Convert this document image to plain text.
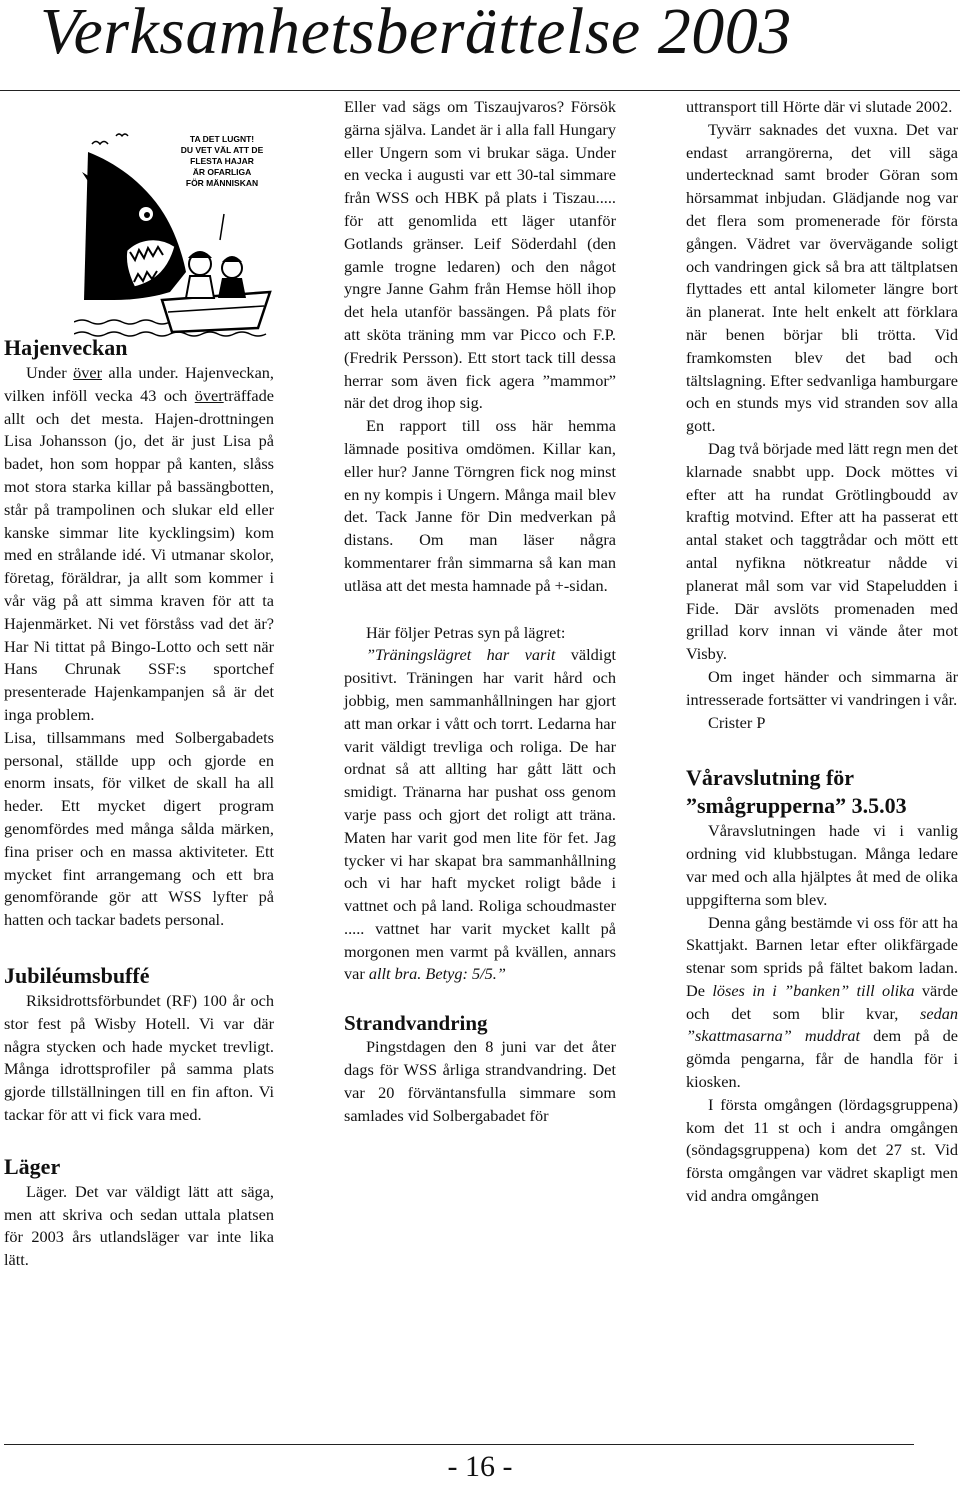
Verksamhetsberättelse 2003
TA DET LUGNT!
DU VET VÄL ATT DE
FLESTA HAJAR
ÄR OFARLIGA
FÖR MÄNNISKAN
Hajenveckan

Under över alla under. Hajenveckan, vilken inföll vecka 43 och överträffade allt och det mesta. Hajen-drottningen Lisa Johansson (jo, det är just Lisa på badet, hon som hoppar på kanten, slåss mot stora starka killar på bassängbotten, står på trampolinen och slukar eld eller kanske simmar lite kycklingsim) kom med en strålande idé. Vi utmanar skolor, företag, föräldrar, ja allt som kommer i vår väg på att simma kraven för att ta Hajenmärket. Ni vet förståss vad det är? Har Ni tittat på Bingo-Lotto och sett när Hans Chrunak SSF:s sportchef presenterade Hajenkampanjen så är det inga problem.

Lisa, tillsammans med Solbergabadets personal, ställde upp och gjorde en enorm insats, för vilket de skall ha all heder. Ett mycket digert program genomfördes med många sålda märken, fina priser och en massa aktiviteter. Ett mycket fint arrangemang och ett bra genomförande gör att WSS lyfter på hatten och tackar badets personal.

Jubiléumsbuffé

Riksidrottsförbundet (RF) 100 år och stor fest på Wisby Hotell. Vi var där några stycken och hade mycket trevligt. Många idrottsprofiler på samma plats gjorde tillställningen till en fin afton. Vi tackar för att vi fick vara med.

Läger

Läger. Det var väldigt lätt att säga, men att skriva och sedan uttala platsen för 2003 års utlandsläger var inte lika lätt.

Eller vad sägs om Tiszaujvaros? Försök gärna själva. Landet är i alla fall Hungary eller Ungern som vi brukar säga. Under en vecka i augusti var ett 30-tal simmare från WSS och HBK på plats i Tiszau..... för att genomlida ett läger utanför Gotlands gränser. Leif Söderdahl (den gamle trogne ledaren) och den något yngre Janne Gahm från Hemse höll ihop det hela utanför bassängen. På plats för att sköta träning mm var Picco och F.P. (Fredrik Persson). Ett stort tack till dessa herrar som även fick agera ”mammor” när det drog ihop sig.

En rapport till oss här hemma lämnade positiva omdömen. Killar kan, eller hur? Janne Törngren fick nog minst en ny kompis i Ungern. Många mail blev det. Tack Janne för Din medverkan på distans. Om man läser några kommentarer från simmarna så kan man utläsa att det mesta hamnade på +-sidan.

Här följer Petras syn på lägret:

”Träningslägret har varit väldigt positivt. Träningen har varit hård och jobbig, men sammanhållningen har gjort att man orkar i vått och torrt. Ledarna har varit väldigt trevliga och roliga. De har ordnat så att allting har gått lätt och smidigt. Tränarna har pushat oss genom varje pass och gjort det roligt att träna. Maten har varit god men lite för fet. Jag tycker vi har skapat bra sammanhållning och vi har haft mycket roligt både i vattnet och på land. Roliga schoudmaster ..... vattnet har varit mycket kallt på morgonen men varmt på kvällen, annars var allt bra. Betyg: 5/5.”

Strandvandring

Pingstdagen den 8 juni var det åter dags för WSS årliga strandvandring. Det var 20 förväntansfulla simmare som samlades vid Solbergabadet för

uttransport till Hörte där vi slutade 2002.

Tyvärr saknades det vuxna. Det var endast arrangörerna, det vill säga undertecknad samt broder Göran som hörsammat inbjudan. Glädjande nog var det flera som promenerade för första gången. Vädret var övervägande soligt och vandringen gick så bra att tältplatsen flyttades ett antal kilometer längre bort än planerat. Inte helt enkelt att förklara när benen börjar bli trötta. Vid framkomsten blev det bad och tältslagning. Efter sedvanliga hamburgare och en stunds mys vid stranden sov alla gott.

Dag två började med lätt regn men det klarnade snabbt upp. Dock möttes vi efter att ha rundat Grötlingboudd av kraftig motvind. Efter att ha passerat ett antal staket och taggtrådar och mött ett antal nyfikna nötkreatur nådde vi planerat mål som var vid Stapeludden i Fide. Där avslöts promenaden med grillad korv innan vi vände åter mot Visby.

Om inget händer och simmarna är intresserade fortsätter vi vandringen i vår.

Crister P

Våravslutning för
”smågrupperna” 3.5.03

Våravslutningen hade vi i vanlig ordning vid klubbstugan. Många ledare var med och alla hjälptes åt med de olika uppgifterna som blev.

Denna gång bestämde vi oss för att ha Skattjakt. Barnen letar efter olikfärgade stenar som sprids på fältet bakom ladan. De löses in i ”banken” till olika värde och det som blir kvar, sedan ”skattmasarna” muddrat dem på de gömda pengarna, får de handla för i kiosken.

I första omgången (lördagsgruppena) kom det 11 st och i andra omgången (söndagsgruppena) kom det 27 st. Vid första omgången var vädret skapligt men vid andra omgången

- 16 -
